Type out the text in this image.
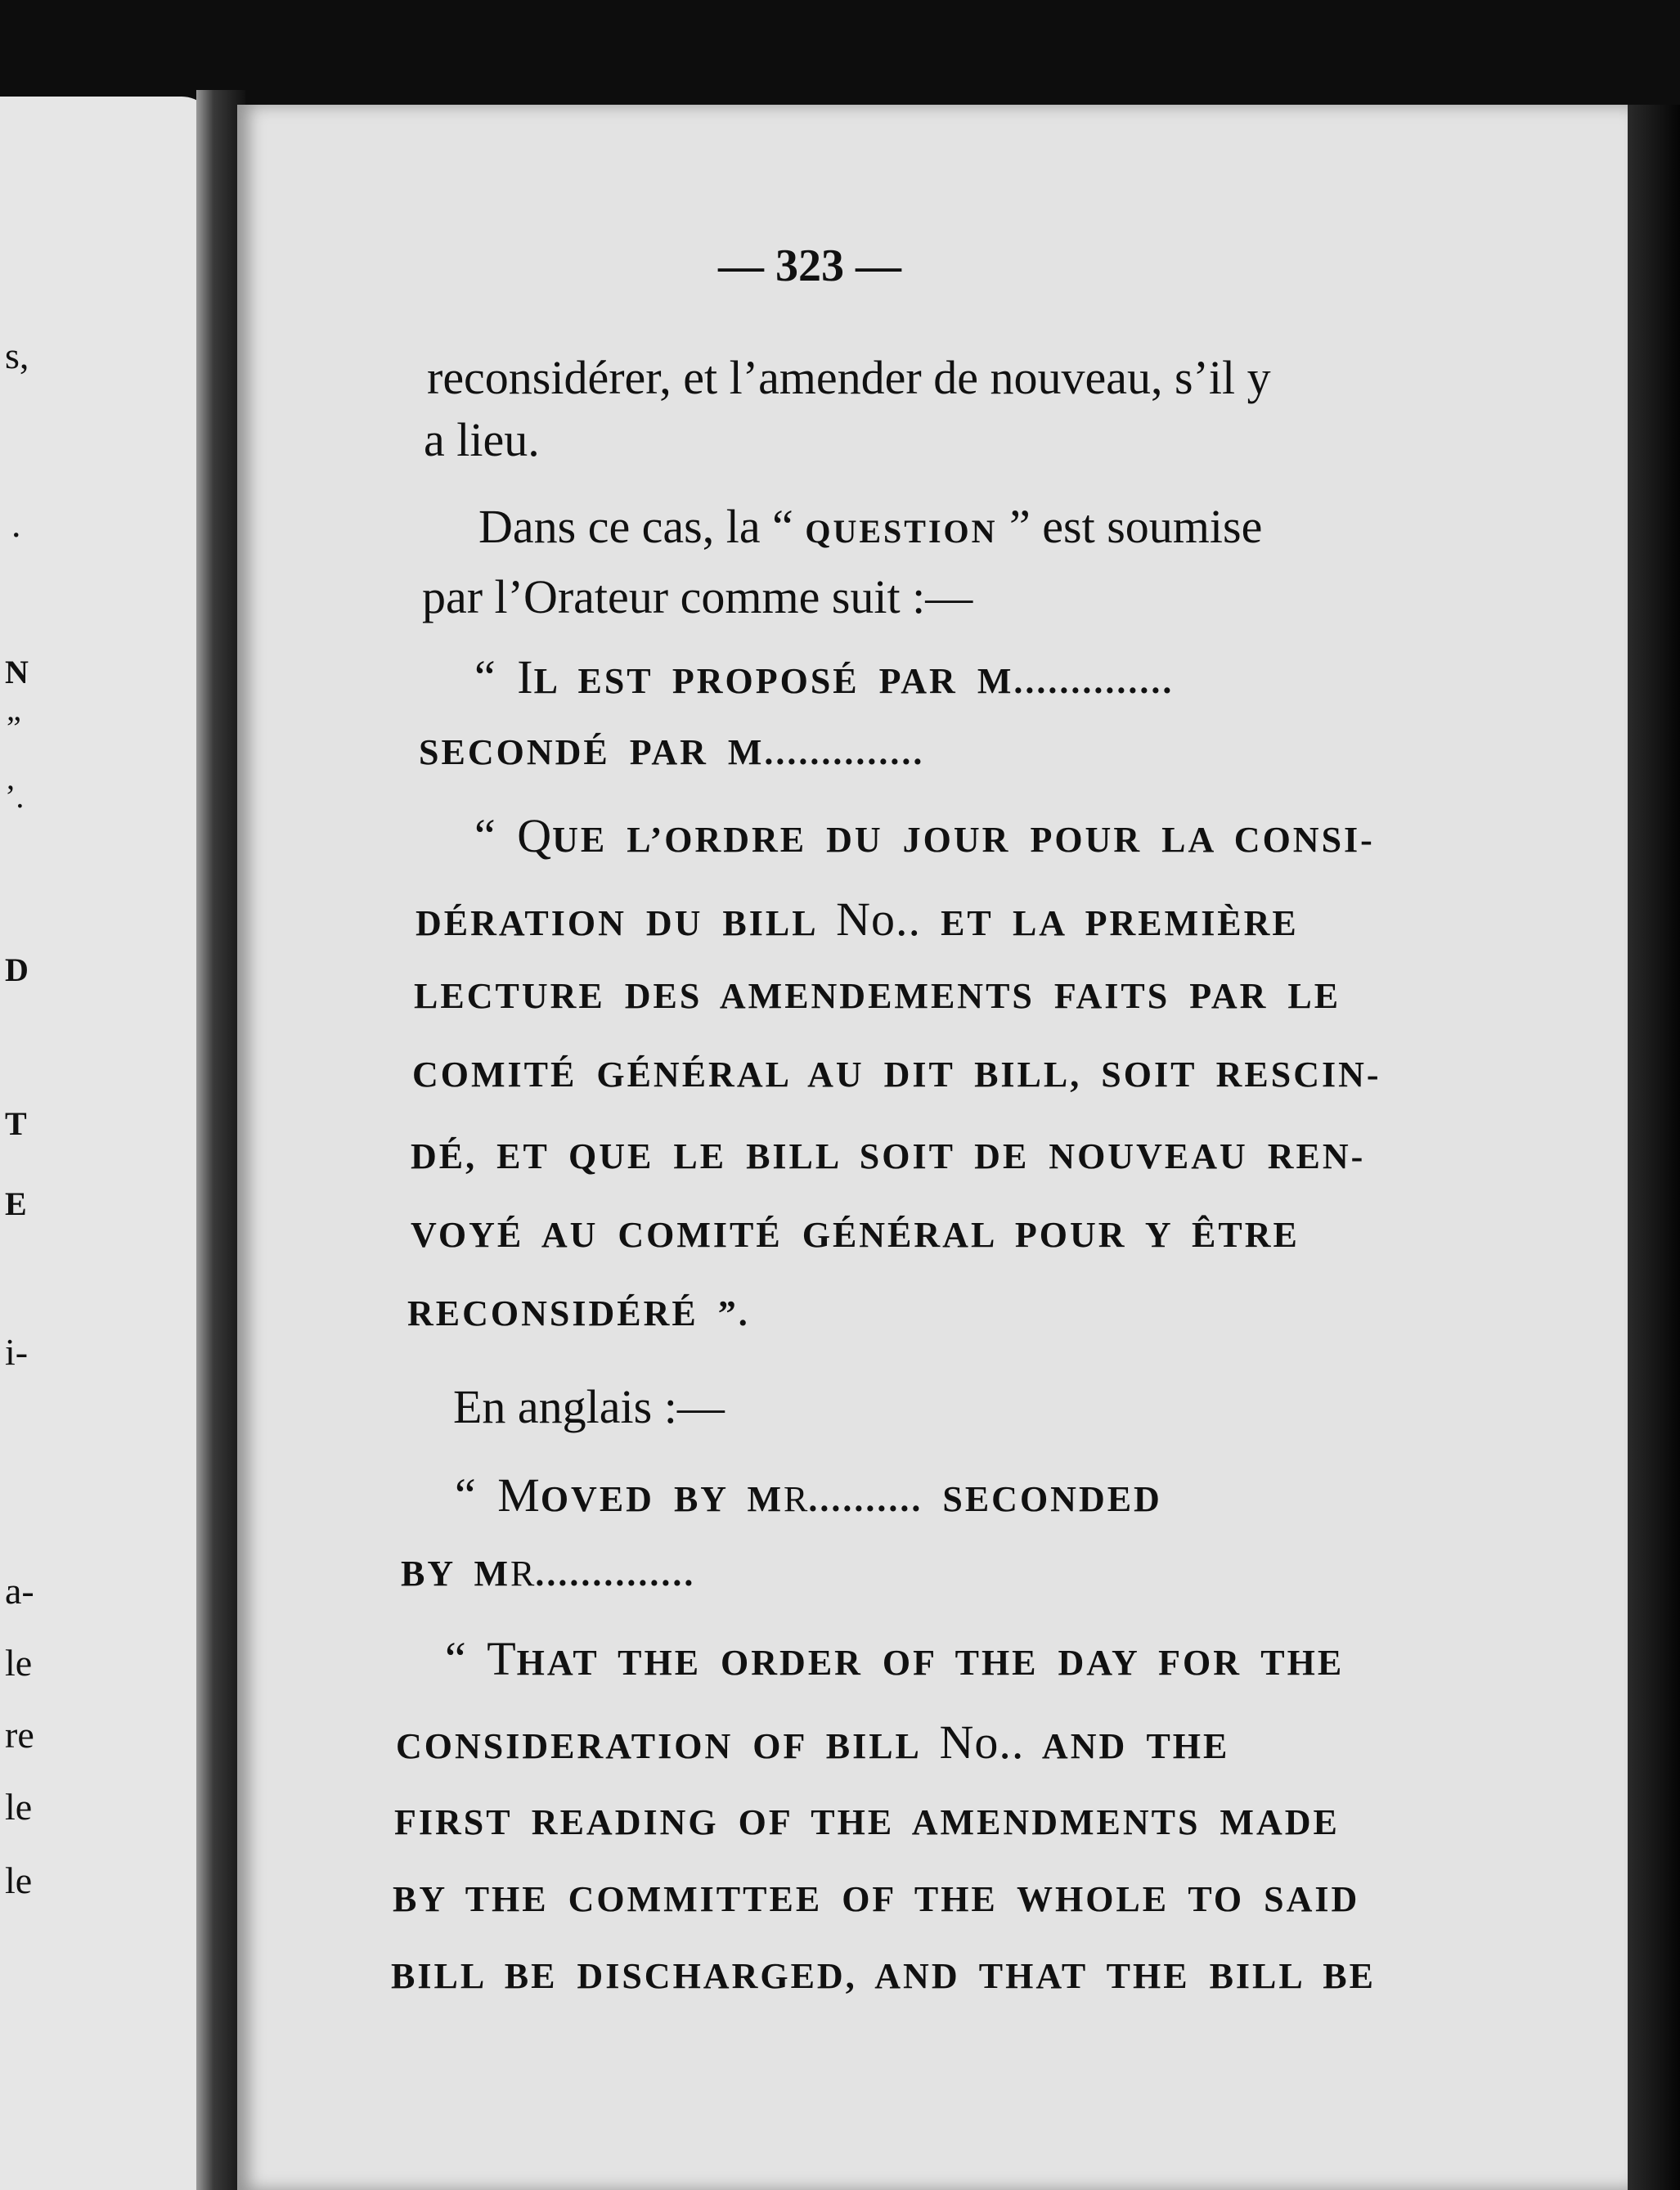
s,
.
N
”
’.
D
T
E
i-
a-
le
re
le
le
— 323 —
reconsidérer, et l’amender de nouveau, s’il y
a lieu.
Dans ce cas, la “ QUESTION ” est soumise
par l’Orateur comme suit :—
“ IL EST PROPOSÉ PAR M..............
SECONDÉ PAR M..............
“ QUE L’ORDRE DU JOUR POUR LA CONSI-
DÉRATION DU BILL No.. ET LA PREMIÈRE
LECTURE DES AMENDEMENTS FAITS PAR LE
COMITÉ GÉNÉRAL AU DIT BILL, SOIT RESCIN-
DÉ, ET QUE LE BILL SOIT DE NOUVEAU REN-
VOYÉ AU COMITÉ GÉNÉRAL POUR Y ÊTRE
RECONSIDÉRÉ ”.
En anglais :—
“ MOVED BY MR.......... SECONDED
BY MR..............
“ THAT THE ORDER OF THE DAY FOR THE
CONSIDERATION OF BILL No.. AND THE
FIRST READING OF THE AMENDMENTS MADE
BY THE COMMITTEE OF THE WHOLE TO SAID
BILL BE DISCHARGED, AND THAT THE BILL BE
